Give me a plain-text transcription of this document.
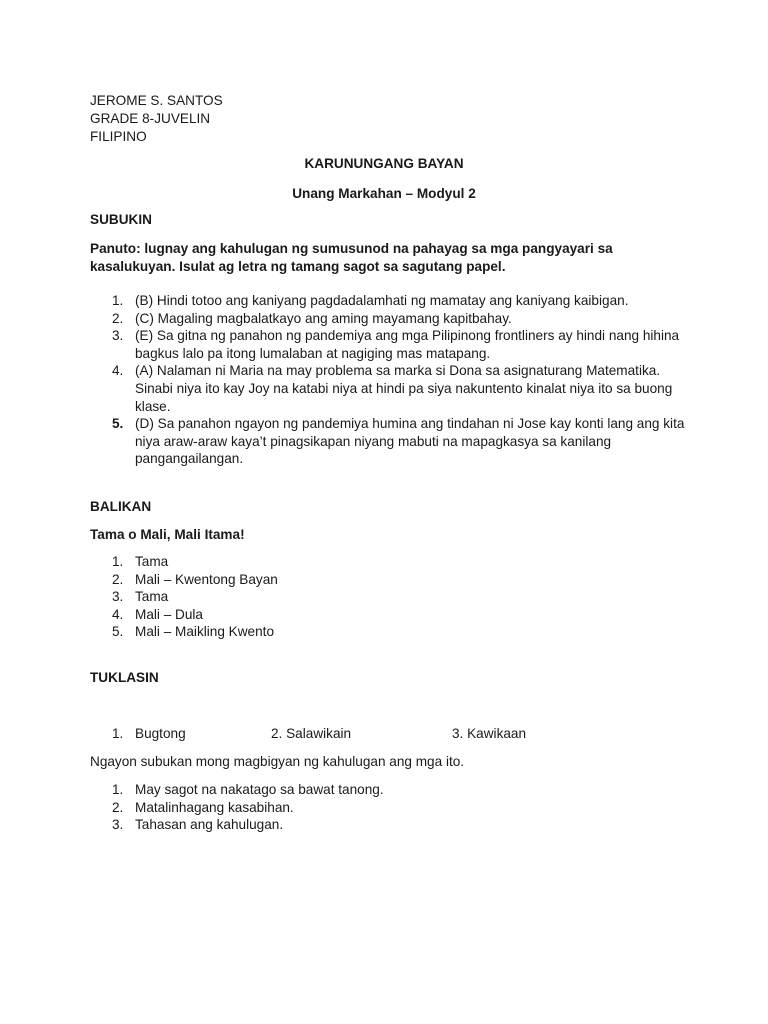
JEROME S. SANTOS
GRADE 8-JUVELIN
FILIPINO
KARUNUNGANG BAYAN
Unang Markahan – Modyul 2
SUBUKIN
Panuto: lugnay ang kahulugan ng sumusunod na pahayag sa mga pangyayari sa
kasalukuyan. Isulat ag letra ng tamang sagot sa sagutang papel.
1. (B) Hindi totoo ang kaniyang pagdadalamhati ng mamatay ang kaniyang kaibigan.
2. (C) Magaling magbalatkayo ang aming mayamang kapitbahay.
3. (E) Sa gitna ng panahon ng pandemiya ang mga Pilipinong frontliners ay hindi nang hihina bagkus lalo pa itong lumalaban at nagiging mas matapang.
4. (A) Nalaman ni Maria na may problema sa marka si Dona sa asignaturang Matematika. Sinabi niya ito kay Joy na katabi niya at hindi pa siya nakuntento kinalat niya ito sa buong klase.
5. (D) Sa panahon ngayon ng pandemiya humina ang tindahan ni Jose kay konti lang ang kita niya araw-araw kaya’t pinagsikapan niyang mabuti na mapagkasya sa kanilang pangangailangan.
BALIKAN
Tama o Mali, Mali Itama!
1. Tama
2. Mali – Kwentong Bayan
3. Tama
4. Mali – Dula
5. Mali – Maikling Kwento
TUKLASIN
1. Bugtong	2. Salawikain	3. Kawikaan
Ngayon subukan mong magbigyan ng kahulugan ang mga ito.
1. May sagot na nakatago sa bawat tanong.
2. Matalinhagang kasabihan.
3. Tahasan ang kahulugan.
